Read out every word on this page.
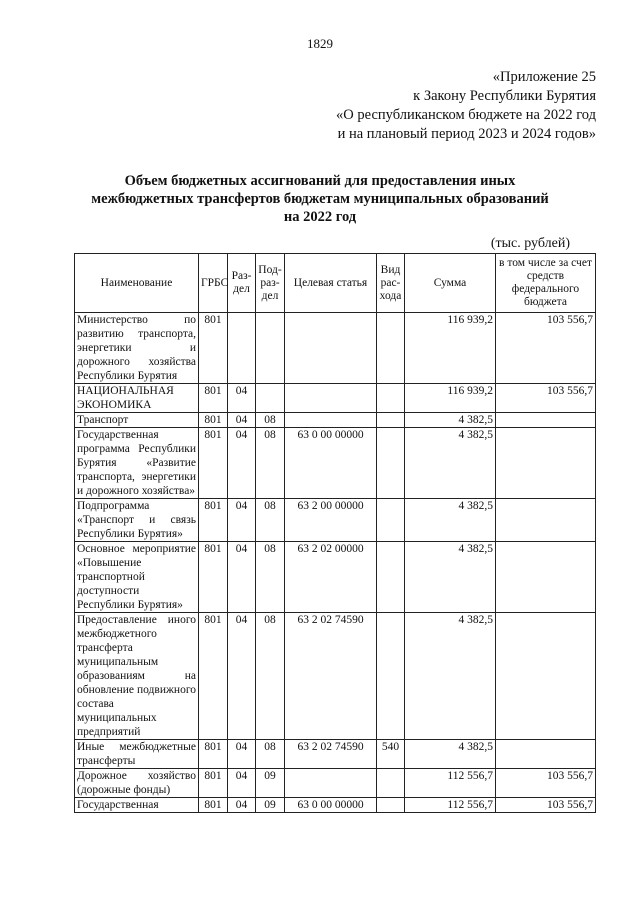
1829
«Приложение 25
к Закону Республики Бурятия
«О республиканском бюджете на 2022 год
и на плановый период 2023 и 2024 годов»
Объем бюджетных ассигнований для предоставления иных
межбюджетных трансфертов бюджетам муниципальных образований
на 2022 год
(тыс. рублей)
Наименование	ГРБС	Раз-дел	Под-раз-дел	Целевая статья	Вид рас-хода	Сумма	в том числе за счет средств федерального бюджета
Министерство по развитию транспорта, энергетики и дорожного хозяйства Республики Бурятия	801					116 939,2	103 556,7
НАЦИОНАЛЬНАЯ ЭКОНОМИКА	801	04				116 939,2	103 556,7
Транспорт	801	04	08			4 382,5	
Государственная программа Республики Бурятия «Развитие транспорта, энергетики и дорожного хозяйства»	801	04	08	63 0 00 00000		4 382,5	
Подпрограмма «Транспорт и связь Республики Бурятия»	801	04	08	63 2 00 00000		4 382,5	
Основное мероприятие «Повышение транспортной доступности Республики Бурятия»	801	04	08	63 2 02 00000		4 382,5	
Предоставление иного межбюджетного трансферта муниципальным образованиям на обновление подвижного состава муниципальных предприятий	801	04	08	63 2 02 74590		4 382,5	
Иные межбюджетные трансферты	801	04	08	63 2 02 74590	540	4 382,5	
Дорожное хозяйство (дорожные фонды)	801	04	09			112 556,7	103 556,7
Государственная	801	04	09	63 0 00 00000		112 556,7	103 556,7
